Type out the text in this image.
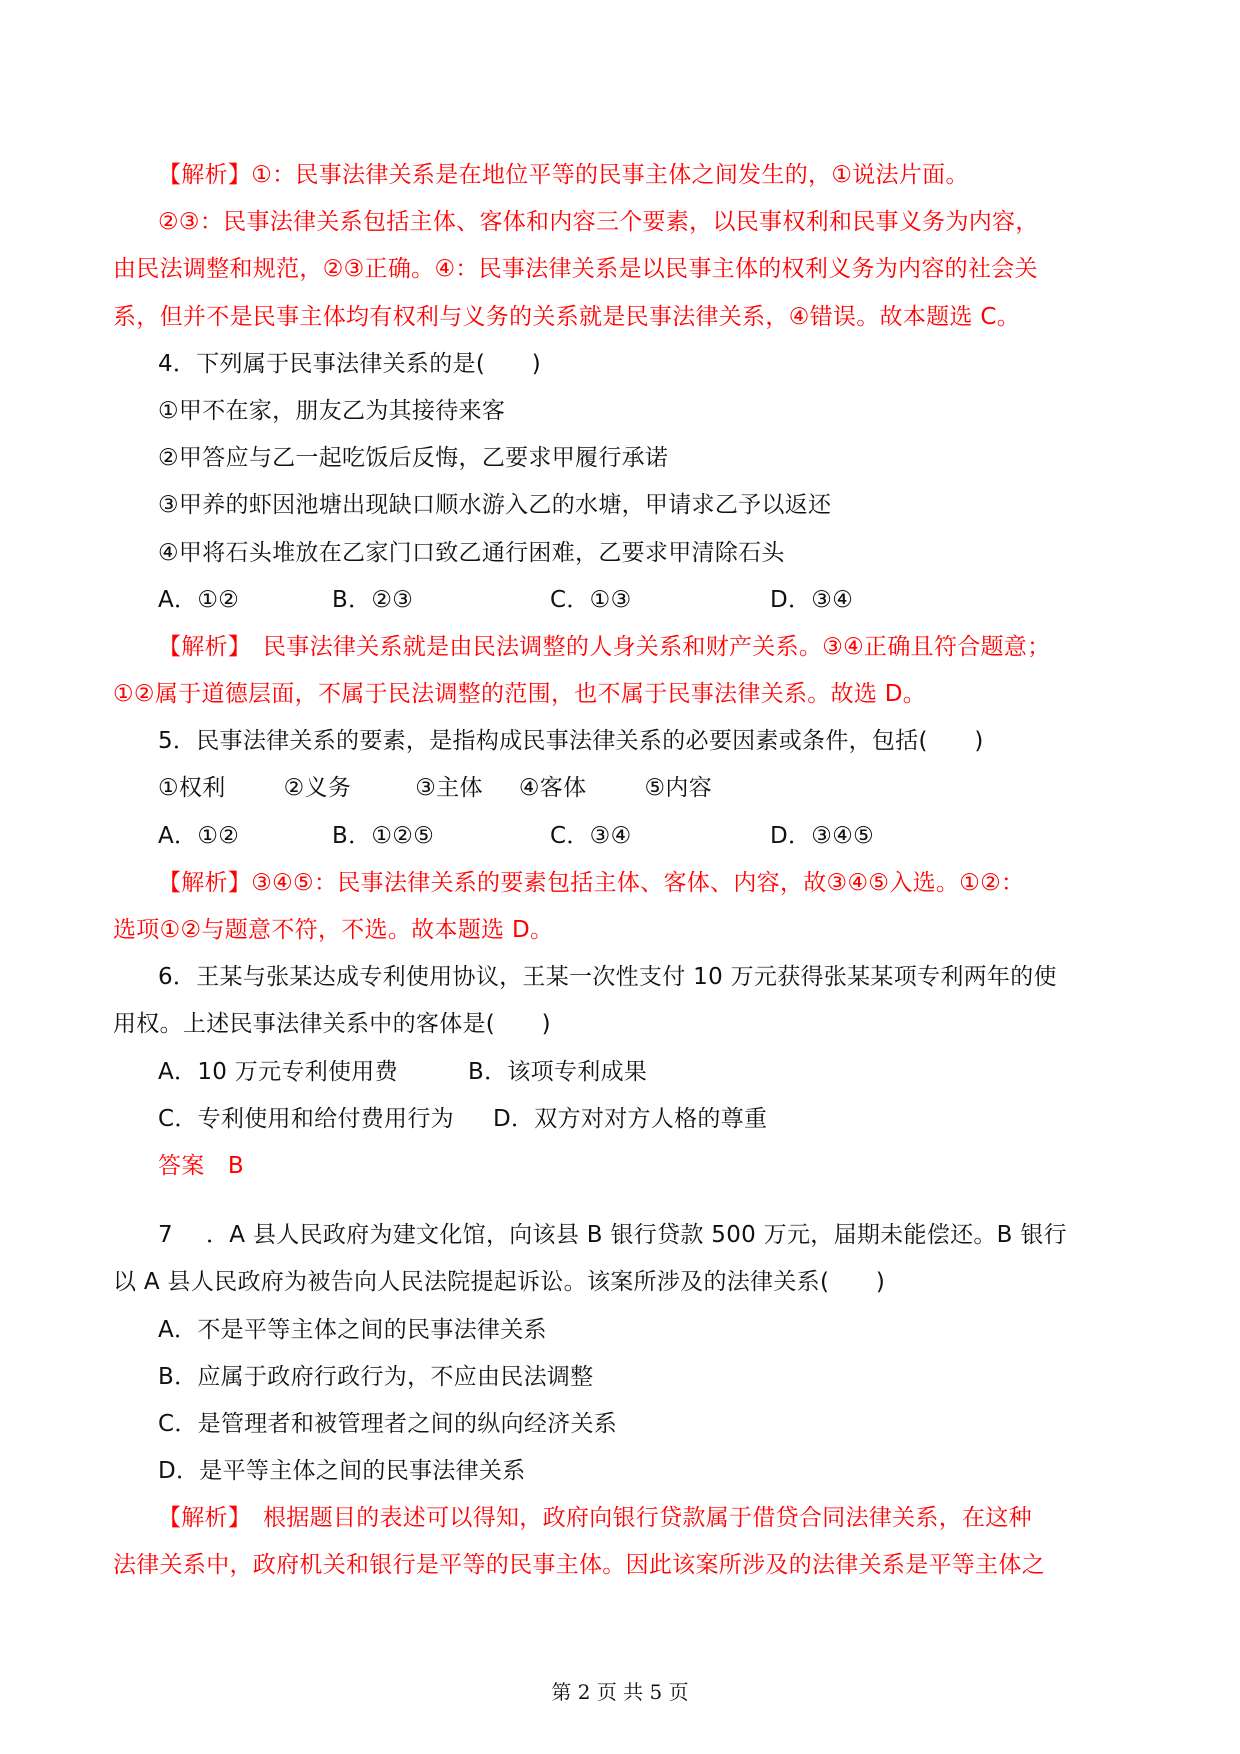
【解析】①：民事法律关系是在地位平等的民事主体之间发生的，①说法片面。
②③：民事法律关系包括主体、客体和内容三个要素，以民事权利和民事义务为内容，
由民法调整和规范，②③正确。④：民事法律关系是以民事主体的权利义务为内容的社会关
系，但并不是民事主体均有权利与义务的关系就是民事法律关系，④错误。故本题选 C。
4．下列属于民事法律关系的是(　　)
①甲不在家，朋友乙为其接待来客
②甲答应与乙一起吃饭后反悔，乙要求甲履行承诺
③甲养的虾因池塘出现缺口顺水游入乙的水塘，甲请求乙予以返还
④甲将石头堆放在乙家门口致乙通行困难，乙要求甲清除石头
A．①②	B．②③	C．①③	D．③④
【解析】　民事法律关系就是由民法调整的人身关系和财产关系。③④正确且符合题意；
①②属于道德层面，不属于民法调整的范围，也不属于民事法律关系。故选 D。
5．民事法律关系的要素，是指构成民事法律关系的必要因素或条件，包括(　　)
①权利	②义务	③主体 ④客体	⑤内容
A．①②	B．①②⑤	C．③④	D．③④⑤
【解析】③④⑤：民事法律关系的要素包括主体、客体、内容，故③④⑤入选。①②：
选项①②与题意不符，不选。故本题选 D。
6．王某与张某达成专利使用协议，王某一次性支付 10 万元获得张某某项专利两年的使
用权。上述民事法律关系中的客体是(　　)
A．10 万元专利使用费	B．该项专利成果
C．专利使用和给付费用行为	D．双方对对方人格的尊重
答案　B
7 ．A 县人民政府为建文化馆，向该县 B 银行贷款 500 万元，届期未能偿还。B 银行
以 A 县人民政府为被告向人民法院提起诉讼。该案所涉及的法律关系(　　)
A．不是平等主体之间的民事法律关系
B．应属于政府行政行为，不应由民法调整
C．是管理者和被管理者之间的纵向经济关系
D．是平等主体之间的民事法律关系
【解析】　根据题目的表述可以得知，政府向银行贷款属于借贷合同法律关系，在这种
法律关系中，政府机关和银行是平等的民事主体。因此该案所涉及的法律关系是平等主体之
第 2 页 共 5 页
